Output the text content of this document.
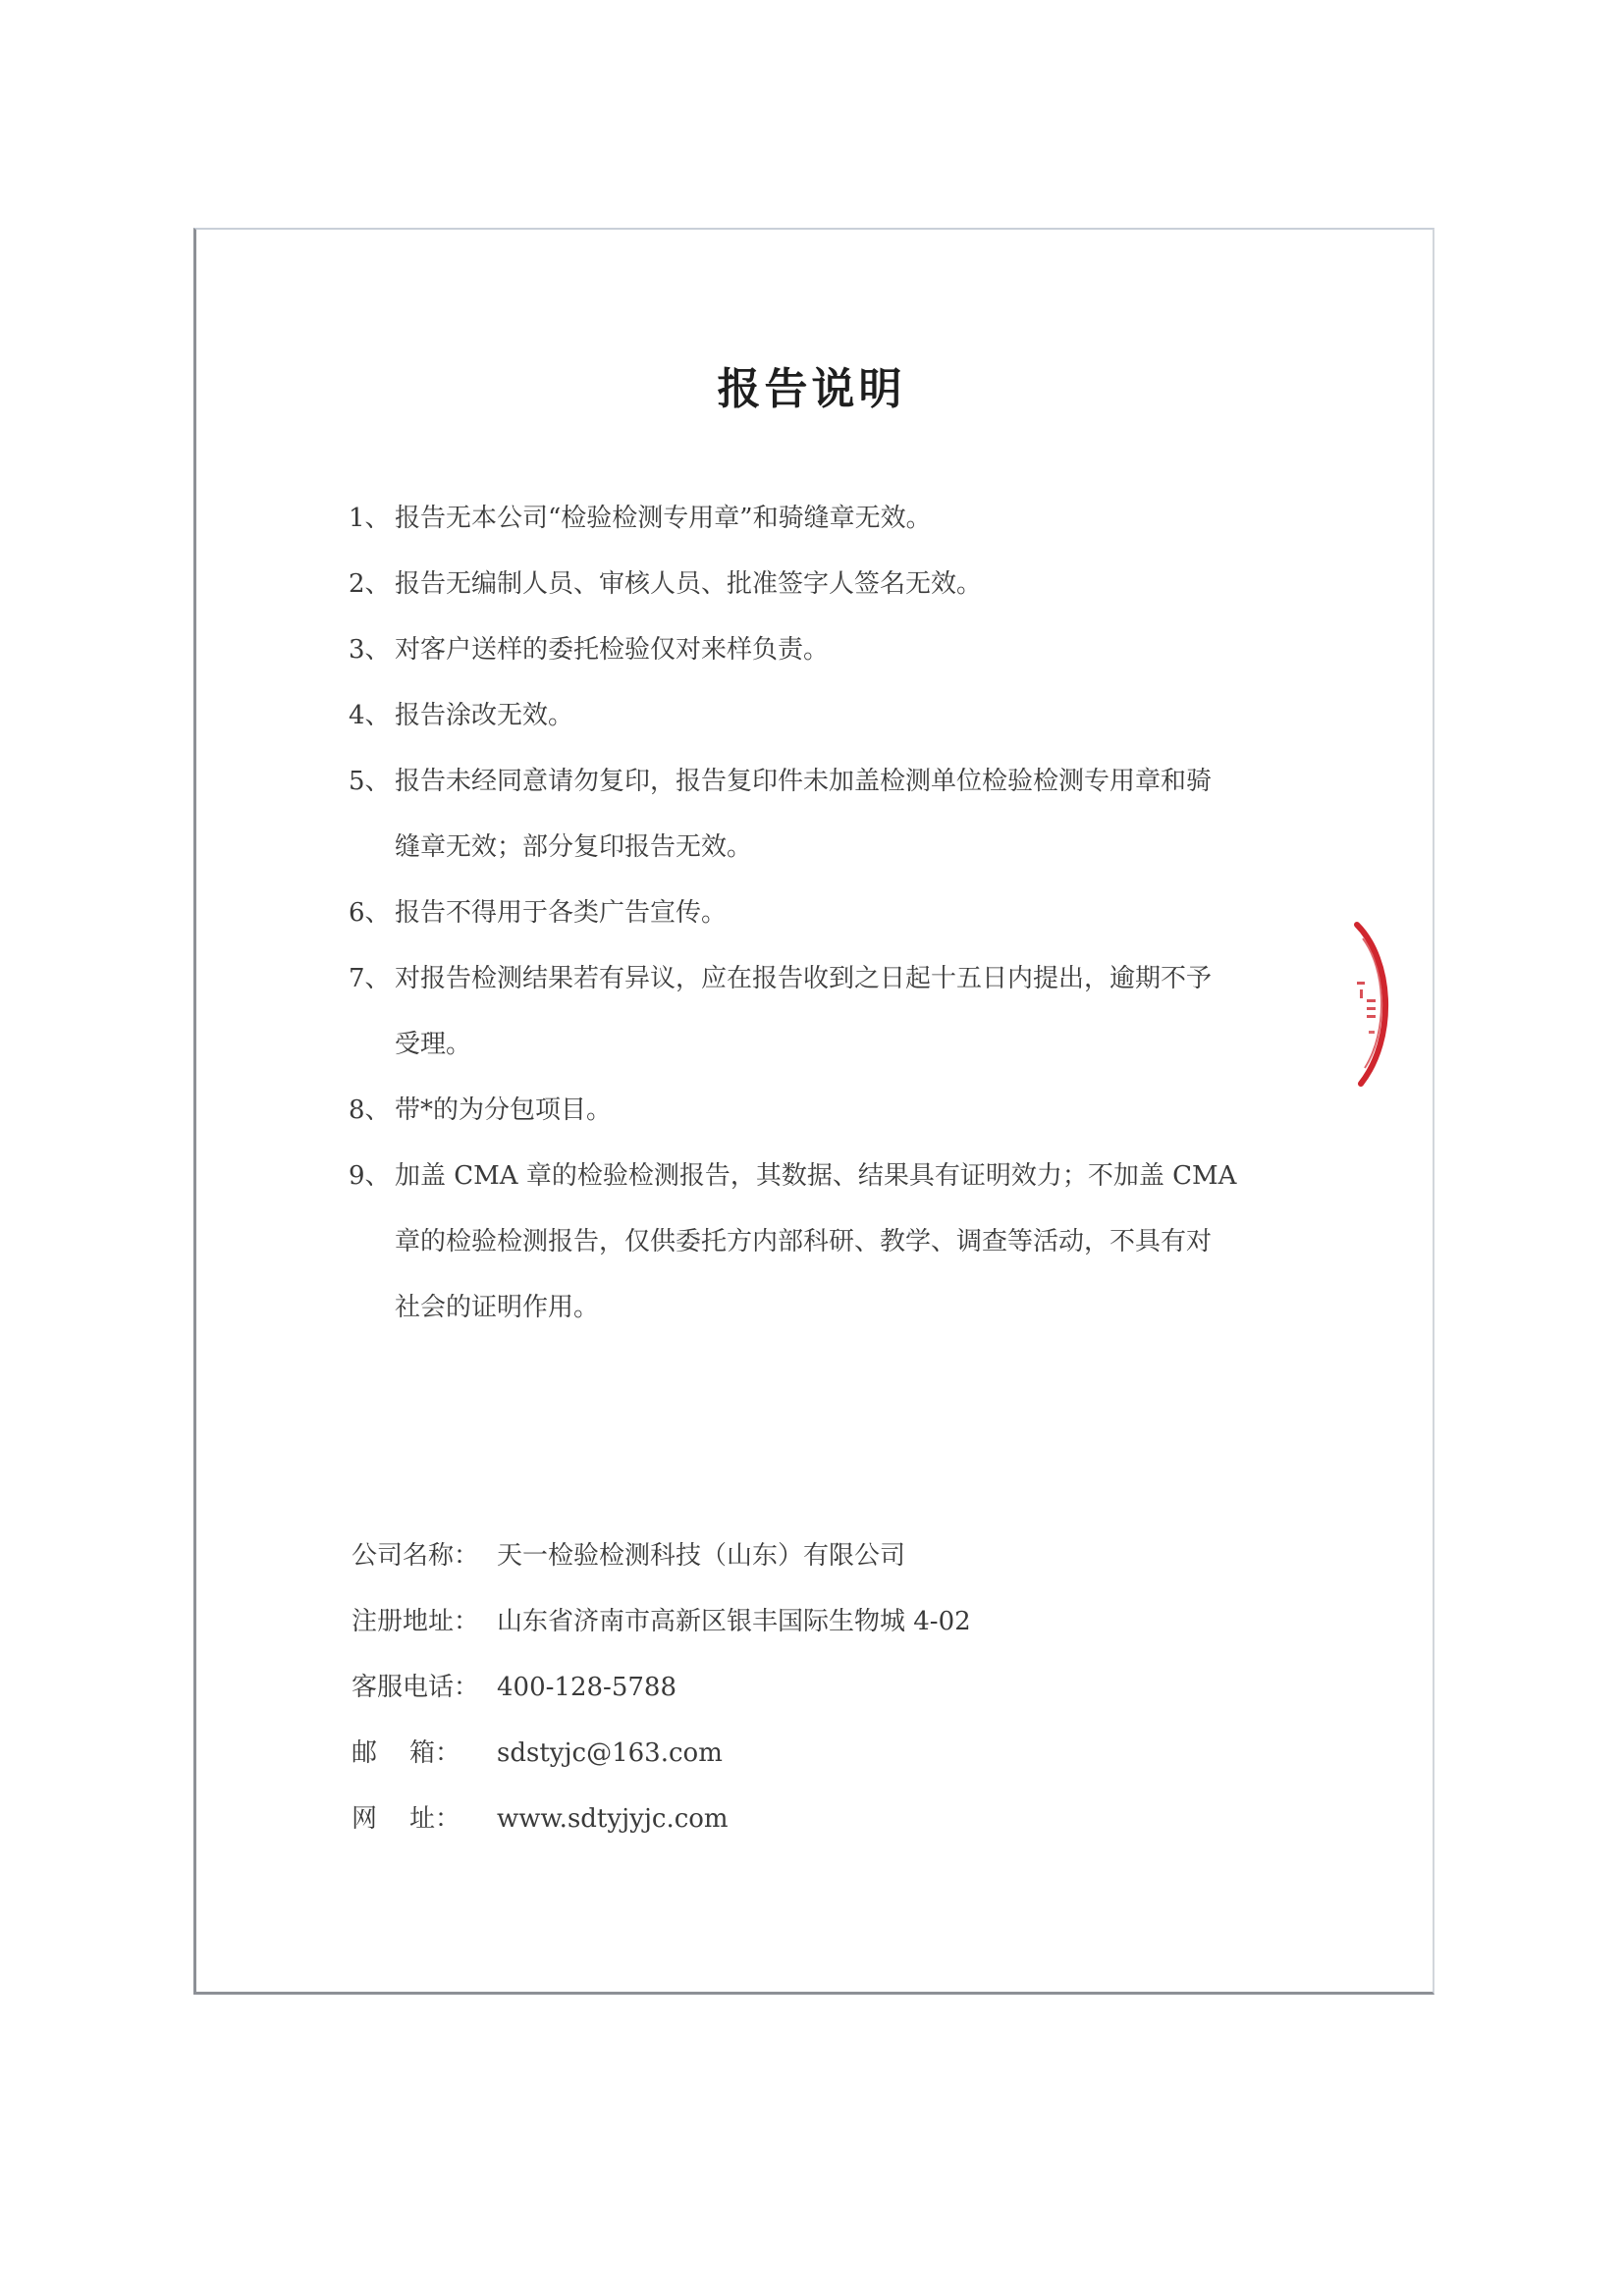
报告说明
1、 报告无本公司“检验检测专用章”和骑缝章无效。
2、 报告无编制人员、审核人员、批准签字人签名无效。
3、 对客户送样的委托检验仅对来样负责。
4、 报告涂改无效。
5、 报告未经同意请勿复印，报告复印件未加盖检测单位检验检测专用章和骑
缝章无效；部分复印报告无效。
6、 报告不得用于各类广告宣传。
7、 对报告检测结果若有异议，应在报告收到之日起十五日内提出，逾期不予
受理。
8、 带*的为分包项目。
9、 加盖 CMA 章的检验检测报告，其数据、结果具有证明效力；不加盖 CMA
章的检验检测报告，仅供委托方内部科研、教学、调查等活动，不具有对
社会的证明作用。
公司名称： 天一检验检测科技（山东）有限公司
注册地址： 山东省济南市高新区银丰国际生物城 4-02
客服电话： 400-128-5788
邮    箱： sdstyjc@163.com
网    址： www.sdtyjyjc.com
